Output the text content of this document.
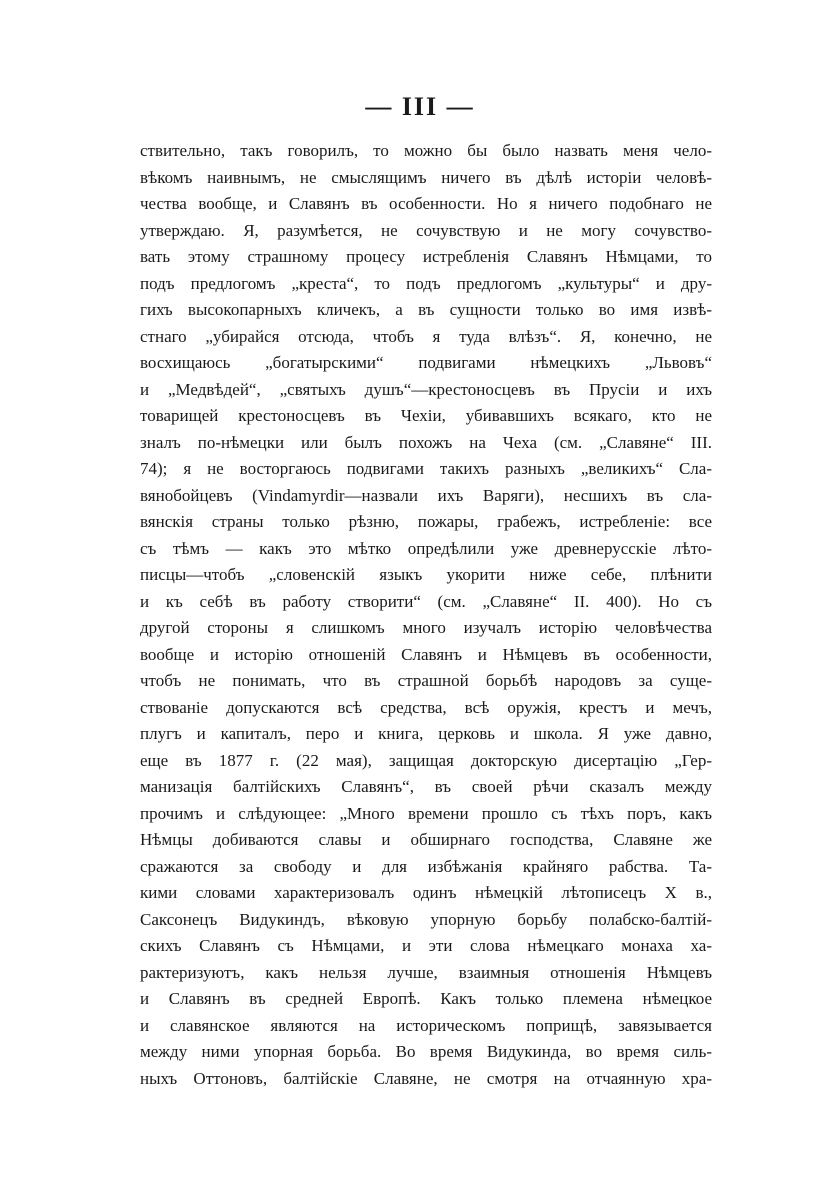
— III —
ствительно, такъ говорилъ, то можно бы было назвать меня чело-
вѣкомъ наивнымъ, не смыслящимъ ничего въ дѣлѣ исторіи человѣ-
чества вообще, и Славянъ въ особенности. Но я ничего подобнаго не
утверждаю. Я, разумѣется, не сочувствую и не могу сочувство-
вать этому страшному процесу истребленія Славянъ Нѣмцами, то
подъ предлогомъ „креста“, то подъ предлогомъ „культуры“ и дру-
гихъ высокопарныхъ кличекъ, а въ сущности только во имя извѣ-
стнаго „убирайся отсюда, чтобъ я туда влѣзъ“. Я, конечно, не
восхищаюсь „богатырскими“ подвигами нѣмецкихъ „Львовъ“
и „Медвѣдей“, „святыхъ душъ“—крестоносцевъ въ Прусіи и ихъ
товарищей крестоносцевъ въ Чехіи, убивавшихъ всякаго, кто не
зналъ по-нѣмецки или былъ похожъ на Чеха (см. „Славяне“ III.
74); я не восторгаюсь подвигами такихъ разныхъ „великихъ“ Сла-
вянобойцевъ (Vindamyrdir—назвали ихъ Варяги), несшихъ въ сла-
вянскія страны только рѣзню, пожары, грабежъ, истребленіе: все
съ тѣмъ — какъ это мѣтко опредѣлили уже древнерусскіе лѣто-
писцы—чтобъ „словенскій языкъ укорити ниже себе, плѣнити
и къ себѣ въ работу створити“ (см. „Славяне“ II. 400). Но съ
другой стороны я слишкомъ много изучалъ исторію человѣчества
вообще и исторію отношеній Славянъ и Нѣмцевъ въ особенности,
чтобъ не понимать, что въ страшной борьбѣ народовъ за суще-
ствованіе допускаются всѣ средства, всѣ оружія, крестъ и мечъ,
плугъ и капиталъ, перо и книга, церковь и школа. Я уже давно,
еще въ 1877 г. (22 мая), защищая докторскую дисертацію „Гер-
манизація балтійскихъ Славянъ“, въ своей рѣчи сказалъ между
прочимъ и слѣдующее: „Много времени прошло съ тѣхъ поръ, какъ
Нѣмцы добиваются славы и обширнаго господства, Славяне же
сражаются за свободу и для избѣжанія крайняго рабства. Та-
кими словами характеризовалъ одинъ нѣмецкій лѣтописецъ X в.,
Саксонецъ Видукиндъ, вѣковую упорную борьбу полабско-балтій-
скихъ Славянъ съ Нѣмцами, и эти слова нѣмецкаго монаха ха-
рактеризуютъ, какъ нельзя лучше, взаимныя отношенія Нѣмцевъ
и Славянъ въ средней Европѣ. Какъ только племена нѣмецкое
и славянское являются на историческомъ поприщѣ, завязывается
между ними упорная борьба. Во время Видукинда, во время силь-
ныхъ Оттоновъ, балтійскіе Славяне, не смотря на отчаянную хра-
